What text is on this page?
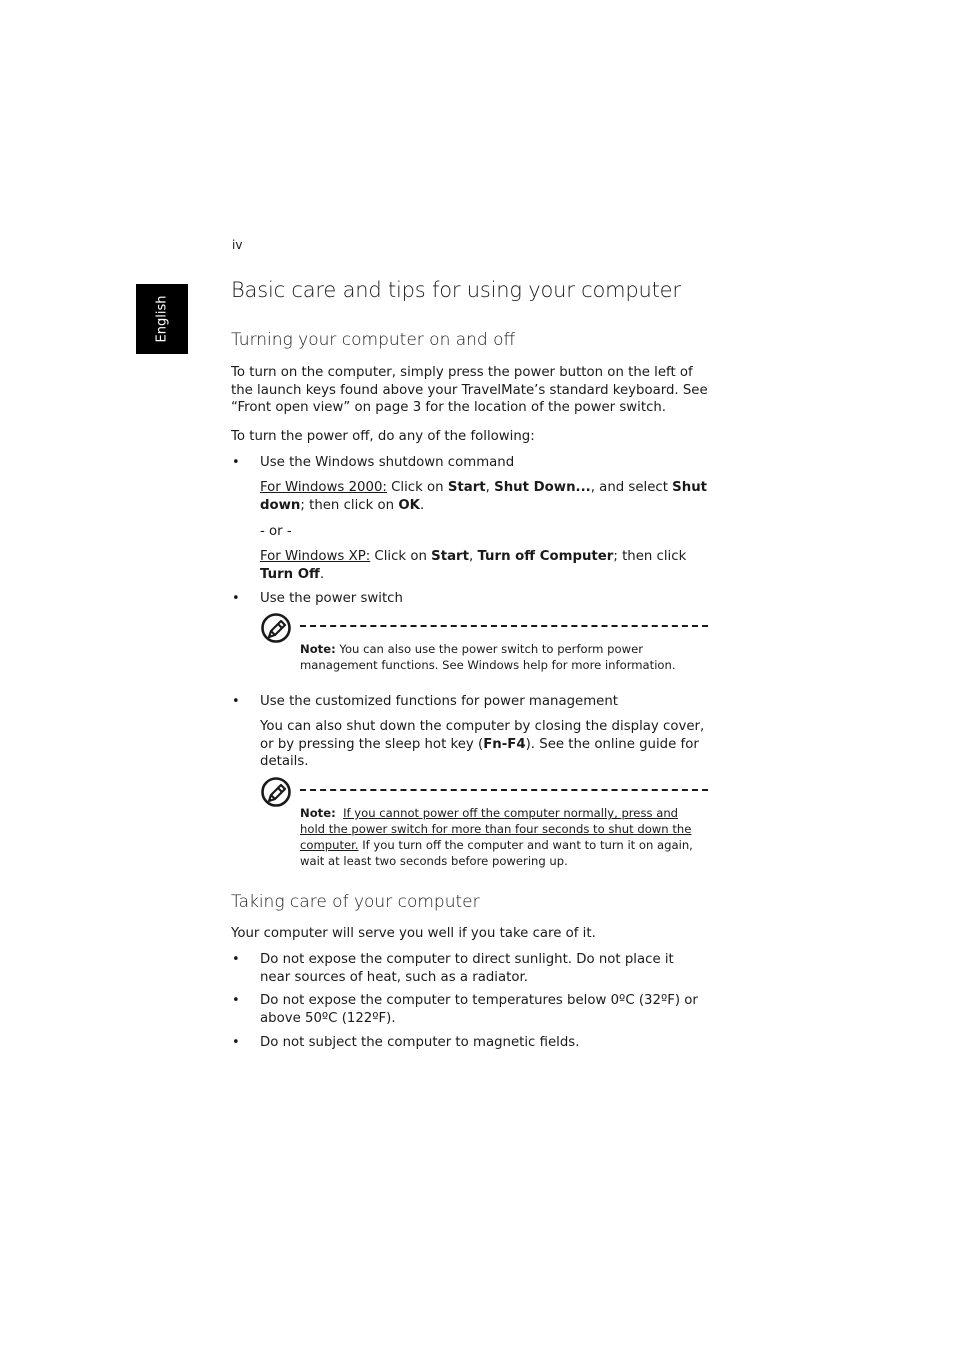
iv
English
Basic care and tips for using your computer
Turning your computer on and off
To turn on the computer, simply press the power button on the left of the launch keys found above your TravelMate’s standard keyboard. See “Front open view” on page 3 for the location of the power switch.
To turn the power off, do any of the following:
• Use the Windows shutdown command
For Windows 2000: Click on Start, Shut Down..., and select Shut down; then click on OK.
- or -
For Windows XP: Click on Start, Turn off Computer; then click Turn Off.
• Use the power switch
Note: You can also use the power switch to perform power management functions. See Windows help for more information.
• Use the customized functions for power management
You can also shut down the computer by closing the display cover, or by pressing the sleep hot key (Fn-F4). See the online guide for details.
Note: If you cannot power off the computer normally, press and hold the power switch for more than four seconds to shut down the computer. If you turn off the computer and want to turn it on again, wait at least two seconds before powering up.
Taking care of your computer
Your computer will serve you well if you take care of it.
• Do not expose the computer to direct sunlight. Do not place it near sources of heat, such as a radiator.
• Do not expose the computer to temperatures below 0ºC (32ºF) or above 50ºC (122ºF).
• Do not subject the computer to magnetic fields.
